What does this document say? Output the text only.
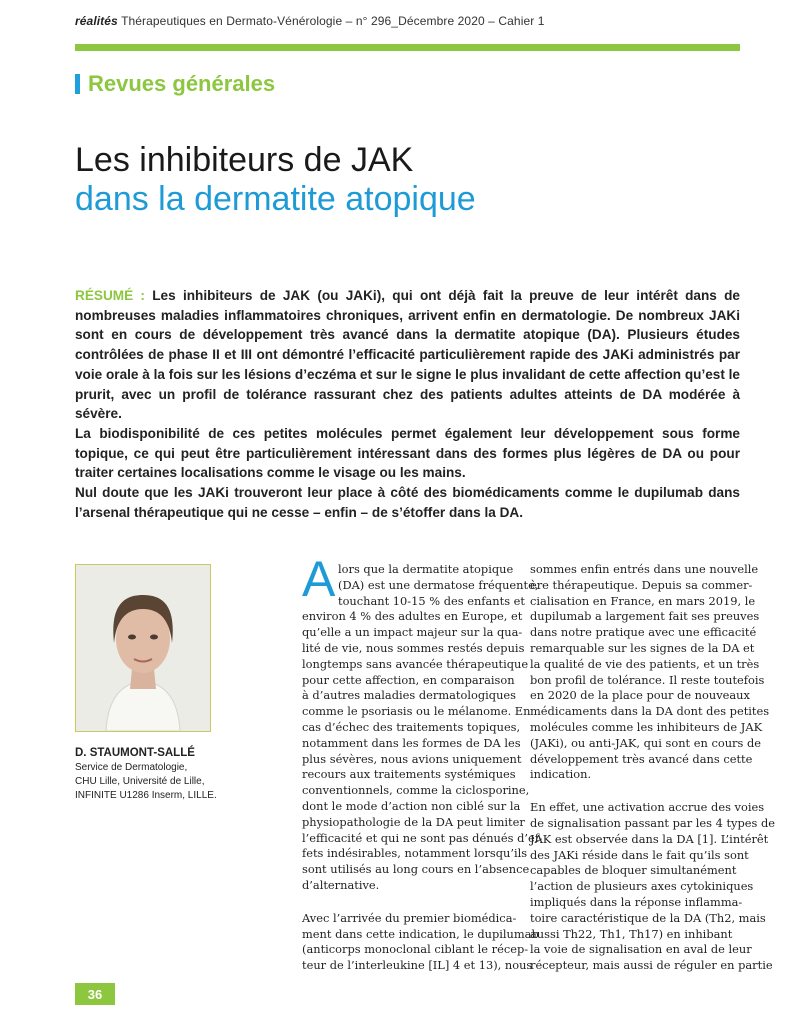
réalités Thérapeutiques en Dermato-Vénérologie – n° 296_Décembre 2020 – Cahier 1
Revues générales
Les inhibiteurs de JAK
dans la dermatite atopique

RÉSUMÉ : Les inhibiteurs de JAK (ou JAKi), qui ont déjà fait la preuve de leur intérêt dans de nombreuses maladies inflammatoires chroniques, arrivent enfin en dermatologie. De nombreux JAKi sont en cours de développement très avancé dans la dermatite atopique (DA). Plusieurs études contrôlées de phase II et III ont démontré l’efficacité particulièrement rapide des JAKi administrés par voie orale à la fois sur les lésions d’eczéma et sur le signe le plus invalidant de cette affection qu’est le prurit, avec un profil de tolérance rassurant chez des patients adultes atteints de DA modérée à sévère.

La biodisponibilité de ces petites molécules permet également leur développement sous forme topique, ce qui peut être particulièrement intéressant dans des formes plus légères de DA ou pour traiter certaines localisations comme le visage ou les mains.

Nul doute que les JAKi trouveront leur place à côté des biomédicaments comme le dupilumab dans l’arsenal thérapeutique qui ne cesse – enfin – de s’étoffer dans la DA.

D. STAUMONT-SALLÉ
Service de Dermatologie,
CHU Lille, Université de Lille,
INFINITE U1286 Inserm, LILLE.
A lors que la dermatite atopique
(DA) est une dermatose fréquente,
touchant 10-15 % des enfants et
environ 4 % des adultes en Europe, et
qu’elle a un impact majeur sur la qua-
lité de vie, nous sommes restés depuis
longtemps sans avancée thérapeutique
pour cette affection, en comparaison
à d’autres maladies dermatologiques
comme le psoriasis ou le mélanome. En
cas d’échec des traitements topiques,
notamment dans les formes de DA les
plus sévères, nous avions uniquement
recours aux traitements systémiques
conventionnels, comme la ciclosporine,
dont le mode d’action non ciblé sur la
physiopathologie de la DA peut limiter
l’efficacité et qui ne sont pas dénués d’ef-
fets indésirables, notamment lorsqu’ils
sont utilisés au long cours en l’absence
d’alternative.

Avec l’arrivée du premier biomédica-
ment dans cette indication, le dupilumab
(anticorps monoclonal ciblant le récep-
teur de l’interleukine [IL] 4 et 13), nous

sommes enfin entrés dans une nouvelle
ère thérapeutique. Depuis sa commer-
cialisation en France, en mars 2019, le
dupilumab a largement fait ses preuves
dans notre pratique avec une efficacité
remarquable sur les signes de la DA et
la qualité de vie des patients, et un très
bon profil de tolérance. Il reste toutefois
en 2020 de la place pour de nouveaux
médicaments dans la DA dont des petites
molécules comme les inhibiteurs de JAK
(JAKi), ou anti-JAK, qui sont en cours de
développement très avancé dans cette
indication.

En effet, une activation accrue des voies
de signalisation passant par les 4 types de
JAK est observée dans la DA [1]. L’intérêt
des JAKi réside dans le fait qu’ils sont
capables de bloquer simultanément
l’action de plusieurs axes cytokiniques
impliqués dans la réponse inflamma-
toire caractéristique de la DA (Th2, mais
aussi Th22, Th1, Th17) en inhibant
la voie de signalisation en aval de leur
récepteur, mais aussi de réguler en partie

36
